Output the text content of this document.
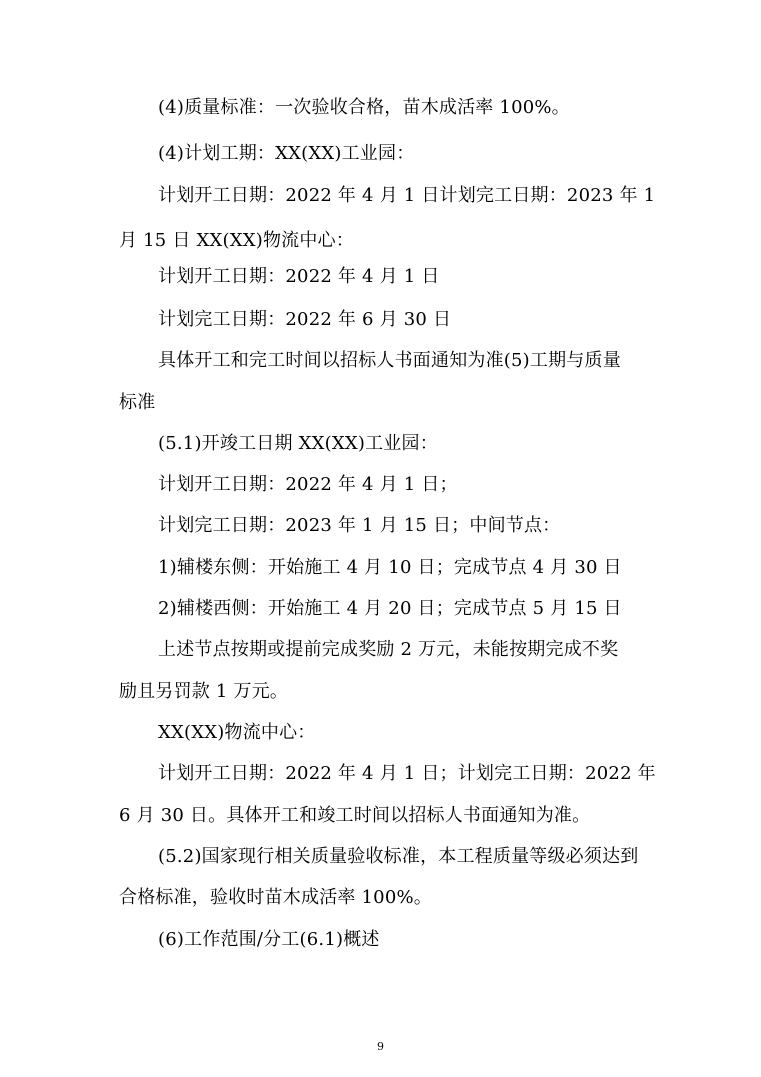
(4)质量标准：一次验收合格，苗木成活率 100%。
(4)计划工期：XX(XX)工业园：
计划开工日期：2022 年 4 月 1 日计划完工日期：2023 年 1
月 15 日 XX(XX)物流中心：
计划开工日期：2022 年 4 月 1 日
计划完工日期：2022 年 6 月 30 日
具体开工和完工时间以招标人书面通知为准(5)工期与质量
标准
(5.1)开竣工日期 XX(XX)工业园：
计划开工日期：2022 年 4 月 1 日；
计划完工日期：2023 年 1 月 15 日；中间节点：
1)辅楼东侧：开始施工 4 月 10 日；完成节点 4 月 30 日
2)辅楼西侧：开始施工 4 月 20 日；完成节点 5 月 15 日
上述节点按期或提前完成奖励 2 万元，未能按期完成不奖
励且另罚款 1 万元。
XX(XX)物流中心：
计划开工日期：2022 年 4 月 1 日；计划完工日期：2022 年
6 月 30 日。具体开工和竣工时间以招标人书面通知为准。
(5.2)国家现行相关质量验收标准，本工程质量等级必须达到
合格标准，验收时苗木成活率 100%。
(6)工作范围/分工(6.1)概述
9
